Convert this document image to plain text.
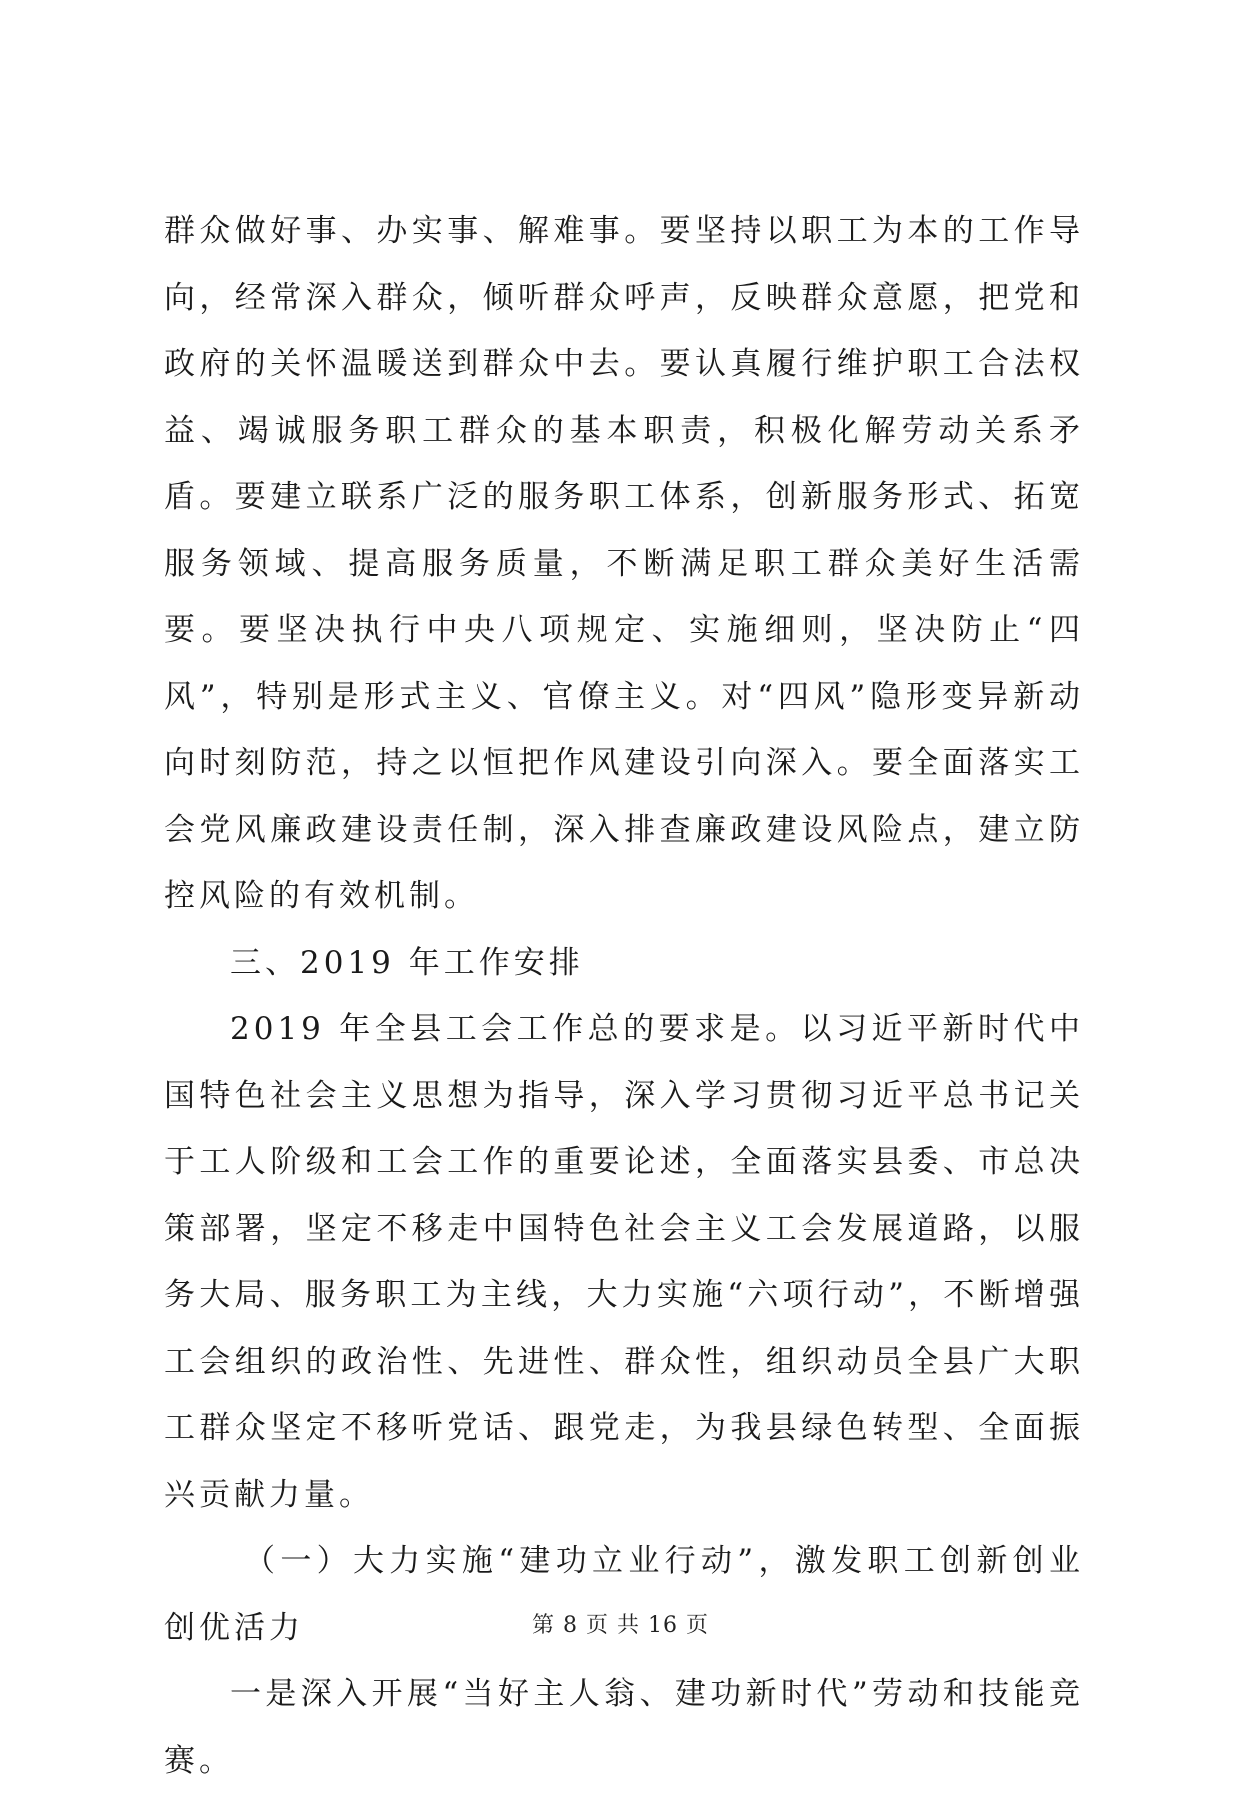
群众做好事、办实事、解难事。要坚持以职工为本的工作导向，经常深入群众，倾听群众呼声，反映群众意愿，把党和政府的关怀温暖送到群众中去。要认真履行维护职工合法权益、竭诚服务职工群众的基本职责，积极化解劳动关系矛盾。要建立联系广泛的服务职工体系，创新服务形式、拓宽服务领域、提高服务质量，不断满足职工群众美好生活需要。要坚决执行中央八项规定、实施细则，坚决防止“四风”，特别是形式主义、官僚主义。对“四风”隐形变异新动向时刻防范，持之以恒把作风建设引向深入。要全面落实工会党风廉政建设责任制，深入排查廉政建设风险点，建立防控风险的有效机制。

三、2019 年工作安排

2019 年全县工会工作总的要求是。以习近平新时代中国特色社会主义思想为指导，深入学习贯彻习近平总书记关于工人阶级和工会工作的重要论述，全面落实县委、市总决策部署，坚定不移走中国特色社会主义工会发展道路，以服务大局、服务职工为主线，大力实施“六项行动”，不断增强工会组织的政治性、先进性、群众性，组织动员全县广大职工群众坚定不移听党话、跟党走，为我县绿色转型、全面振兴贡献力量。

（一）大力实施“建功立业行动”，激发职工创新创业创优活力

一是深入开展“当好主人翁、建功新时代”劳动和技能竞赛。

第 8 页 共 16 页
